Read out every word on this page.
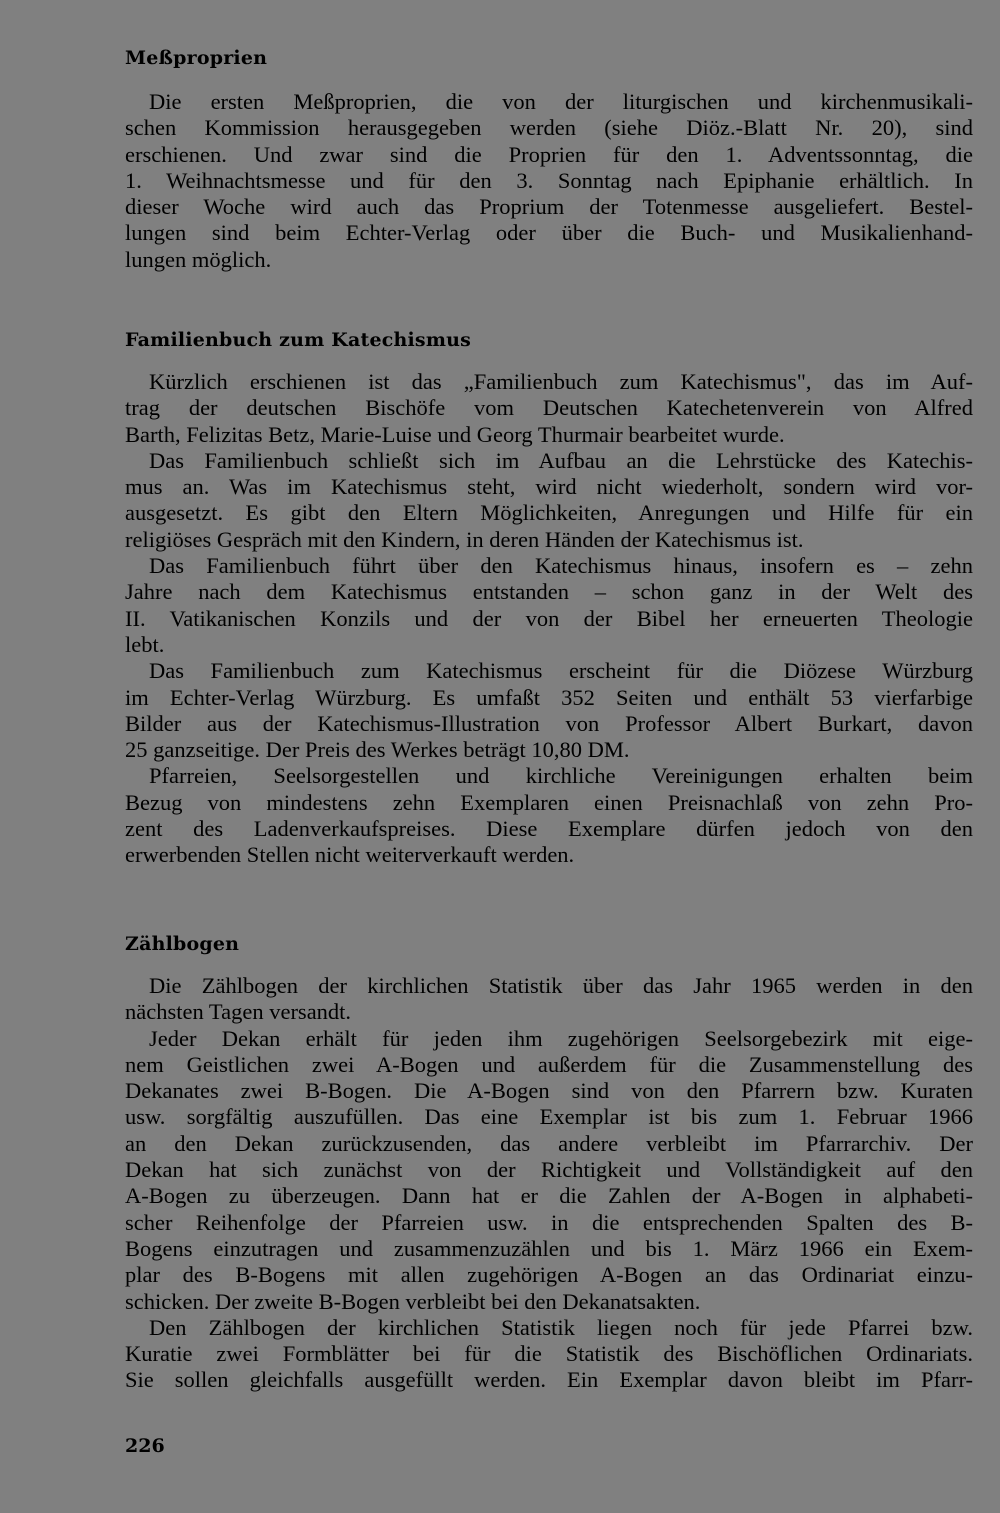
Meßproprien
Die ersten Meßproprien, die von der liturgischen und kirchenmusikali-
schen Kommission herausgegeben werden (siehe Diöz.-Blatt Nr. 20), sind
erschienen. Und zwar sind die Proprien für den 1. Adventssonntag, die
1. Weihnachtsmesse und für den 3. Sonntag nach Epiphanie erhältlich. In
dieser Woche wird auch das Proprium der Totenmesse ausgeliefert. Bestel-
lungen sind beim Echter-Verlag oder über die Buch- und Musikalienhand-
lungen möglich.
Familienbuch zum Katechismus
Kürzlich erschienen ist das „Familienbuch zum Katechismus", das im Auf-
trag der deutschen Bischöfe vom Deutschen Katechetenverein von Alfred
Barth, Felizitas Betz, Marie-Luise und Georg Thurmair bearbeitet wurde.
Das Familienbuch schließt sich im Aufbau an die Lehrstücke des Katechis-
mus an. Was im Katechismus steht, wird nicht wiederholt, sondern wird vor-
ausgesetzt. Es gibt den Eltern Möglichkeiten, Anregungen und Hilfe für ein
religiöses Gespräch mit den Kindern, in deren Händen der Katechismus ist.
Das Familienbuch führt über den Katechismus hinaus, insofern es – zehn
Jahre nach dem Katechismus entstanden – schon ganz in der Welt des
II. Vatikanischen Konzils und der von der Bibel her erneuerten Theologie
lebt.
Das Familienbuch zum Katechismus erscheint für die Diözese Würzburg
im Echter-Verlag Würzburg. Es umfaßt 352 Seiten und enthält 53 vierfarbige
Bilder aus der Katechismus-Illustration von Professor Albert Burkart, davon
25 ganzseitige. Der Preis des Werkes beträgt 10,80 DM.
Pfarreien, Seelsorgestellen und kirchliche Vereinigungen erhalten beim
Bezug von mindestens zehn Exemplaren einen Preisnachlaß von zehn Pro-
zent des Ladenverkaufspreises. Diese Exemplare dürfen jedoch von den
erwerbenden Stellen nicht weiterverkauft werden.
Zählbogen
Die Zählbogen der kirchlichen Statistik über das Jahr 1965 werden in den
nächsten Tagen versandt.
Jeder Dekan erhält für jeden ihm zugehörigen Seelsorgebezirk mit eige-
nem Geistlichen zwei A-Bogen und außerdem für die Zusammenstellung des
Dekanates zwei B-Bogen. Die A-Bogen sind von den Pfarrern bzw. Kuraten
usw. sorgfältig auszufüllen. Das eine Exemplar ist bis zum 1. Februar 1966
an den Dekan zurückzusenden, das andere verbleibt im Pfarrarchiv. Der
Dekan hat sich zunächst von der Richtigkeit und Vollständigkeit auf den
A-Bogen zu überzeugen. Dann hat er die Zahlen der A-Bogen in alphabeti-
scher Reihenfolge der Pfarreien usw. in die entsprechenden Spalten des B-
Bogens einzutragen und zusammenzuzählen und bis 1. März 1966 ein Exem-
plar des B-Bogens mit allen zugehörigen A-Bogen an das Ordinariat einzu-
schicken. Der zweite B-Bogen verbleibt bei den Dekanatsakten.
Den Zählbogen der kirchlichen Statistik liegen noch für jede Pfarrei bzw.
Kuratie zwei Formblätter bei für die Statistik des Bischöflichen Ordinariats.
Sie sollen gleichfalls ausgefüllt werden. Ein Exemplar davon bleibt im Pfarr-
226
